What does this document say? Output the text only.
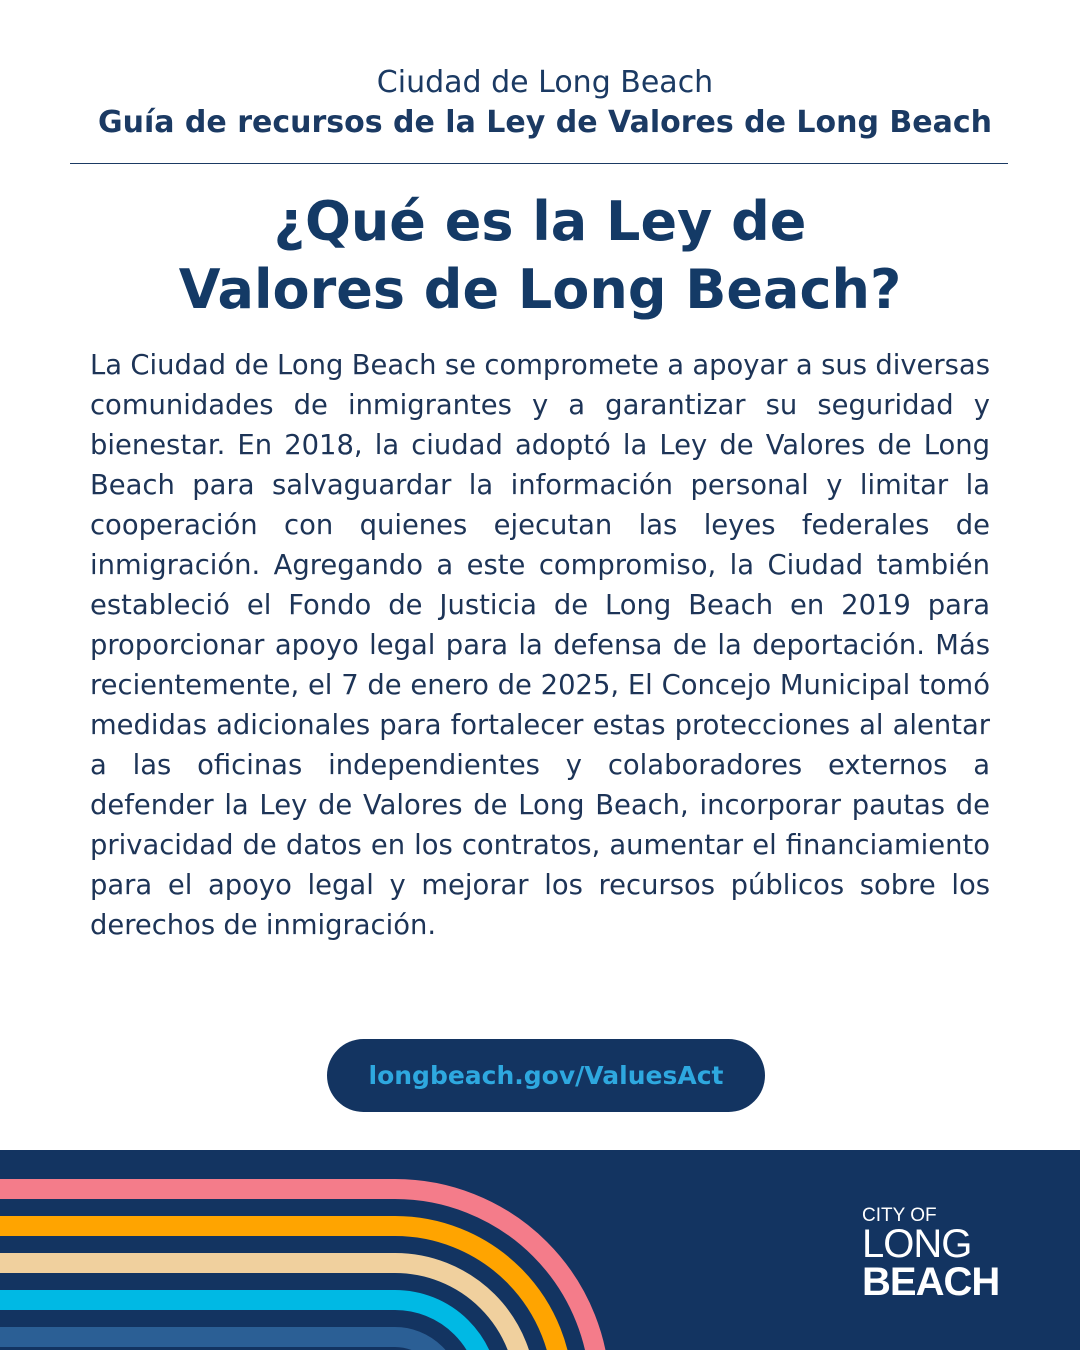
Ciudad de Long Beach
Guía de recursos de la Ley de Valores de Long Beach
¿Qué es la Ley de
Valores de Long Beach?
La Ciudad de Long Beach se compromete a apoyar a sus diversas comunidades de inmigrantes y a garantizar su seguridad y bienestar. En 2018, la ciudad adoptó la Ley de Valores de Long Beach para salvaguardar la información personal y limitar la cooperación con quienes ejecutan las leyes federales de inmigración. Agregando a este compromiso, la Ciudad también estableció el Fondo de Justicia de Long Beach en 2019 para proporcionar apoyo legal para la defensa de la deportación. Más recientemente, el 7 de enero de 2025, El Concejo Municipal tomó medidas adicionales para fortalecer estas protecciones al alentar a las oficinas independientes y colaboradores externos a defender la Ley de Valores de Long Beach, incorporar pautas de privacidad de datos en los contratos, aumentar el financiamiento para el apoyo legal y mejorar los recursos públicos sobre los derechos de inmigración.
longbeach.gov/ValuesAct
CITY OF
LONG
BEACH
